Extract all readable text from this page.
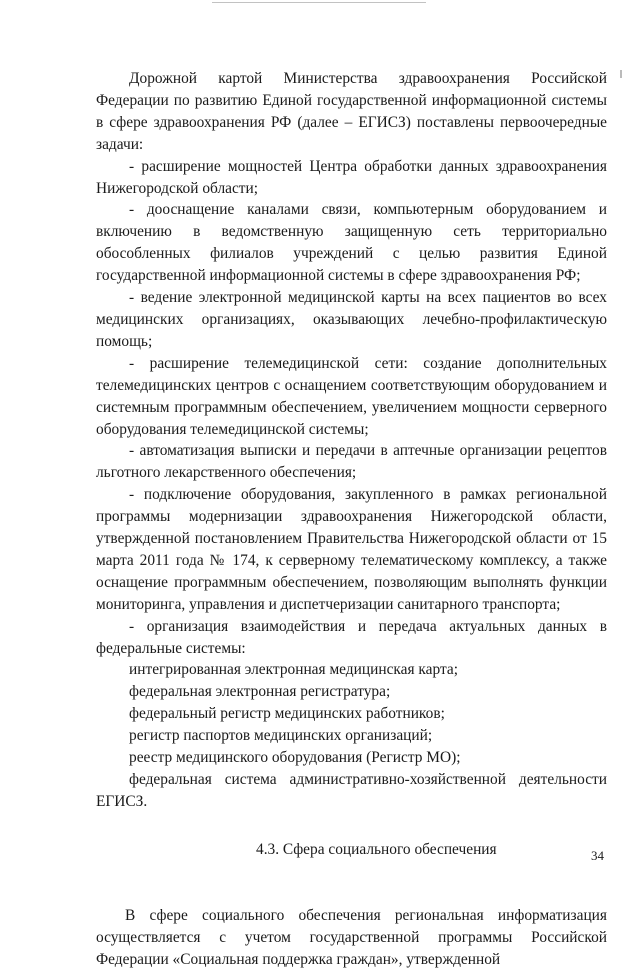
Дорожной картой Министерства здравоохранения Российской Федерации по развитию Единой государственной информационной системы в сфере здравоохранения РФ (далее – ЕГИСЗ) поставлены первоочередные задачи:

- расширение мощностей Центра обработки данных здравоохранения Нижегородской области;

- дооснащение каналами связи, компьютерным оборудованием и включению в ведомственную защищенную сеть территориально обособленных филиалов учреждений с целью развития Единой государственной информационной системы в сфере здравоохранения РФ;

- ведение электронной медицинской карты на всех пациентов во всех медицинских организациях, оказывающих лечебно-профилактическую помощь;

- расширение телемедицинской сети: создание дополнительных телемедицинских центров с оснащением соответствующим оборудованием и системным программным обеспечением, увеличением мощности серверного оборудования телемедицинской системы;

- автоматизация выписки и передачи в аптечные организации рецептов льготного лекарственного обеспечения;

- подключение оборудования, закупленного в рамках региональной программы модернизации здравоохранения Нижегородской области, утвержденной постановлением Правительства Нижегородской области от 15 марта 2011 года № 174, к серверному телематическому комплексу, а также оснащение программным обеспечением, позволяющим выполнять функции мониторинга, управления и диспетчеризации санитарного транспорта;

- организация взаимодействия и передача актуальных данных в федеральные системы:

интегрированная электронная медицинская карта;

федеральная электронная регистратура;

федеральный регистр медицинских работников;

регистр паспортов медицинских организаций;

реестр медицинского оборудования (Регистр МО);

федеральная система административно-хозяйственной деятельности ЕГИСЗ.

4.3. Сфера социального обеспечения

В сфере социального обеспечения региональная информатизация осуществляется с учетом государственной программы Российской Федерации «Социальная поддержка граждан», утвержденной

34
